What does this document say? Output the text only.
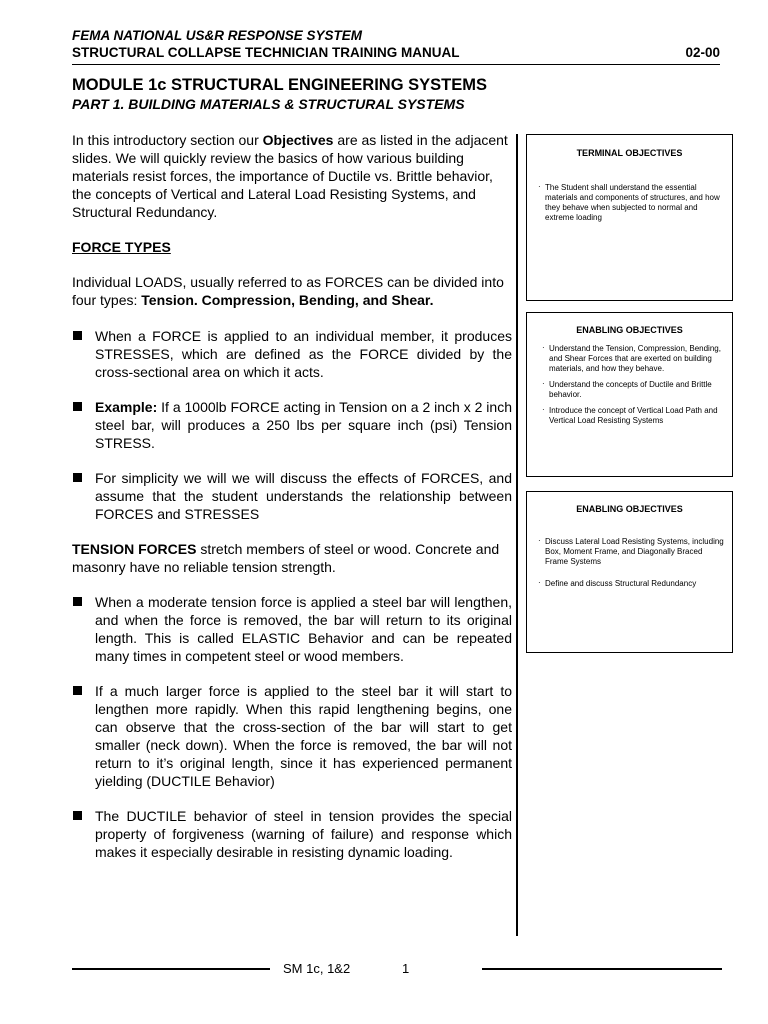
FEMA NATIONAL US&R RESPONSE SYSTEM
STRUCTURAL COLLAPSE TECHNICIAN TRAINING MANUAL	02-00
MODULE 1c STRUCTURAL ENGINEERING SYSTEMS
PART 1. BUILDING MATERIALS & STRUCTURAL SYSTEMS

In this introductory section our Objectives are as listed in the adjacent slides. We will quickly review the basics of how various building materials resist forces, the importance of Ductile vs. Brittle behavior, the concepts of Vertical and Lateral Load Resisting Systems, and Structural Redundancy.

FORCE TYPES

Individual LOADS, usually referred to as FORCES can be divided into four types: Tension. Compression, Bending, and Shear.

When a FORCE is applied to an individual member, it produces STRESSES, which are defined as the FORCE divided by the cross-sectional area on which it acts.
Example: If a 1000lb FORCE acting in Tension on a 2 inch x 2 inch steel bar, will produces a 250 lbs per square inch (psi) Tension STRESS.
For simplicity we will we will discuss the effects of FORCES, and assume that the student understands the relationship between FORCES and STRESSES

TENSION FORCES stretch members of steel or wood. Concrete and masonry have no reliable tension strength.

When a moderate tension force is applied a steel bar will lengthen, and when the force is removed, the bar will return to its original length. This is called ELASTIC Behavior and can be repeated many times in competent steel or wood members.
If a much larger force is applied to the steel bar it will start to lengthen more rapidly. When this rapid lengthening begins, one can observe that the cross-section of the bar will start to get smaller (neck down). When the force is removed, the bar will not return to it’s original length, since it has experienced permanent yielding (DUCTILE Behavior)
The DUCTILE behavior of steel in tension provides the special property of forgiveness (warning of failure) and response which makes it especially desirable in resisting dynamic loading.
TERMINAL OBJECTIVES
· The Student shall understand the essential materials and components of structures, and how they behave when subjected to normal and extreme loading
ENABLING OBJECTIVES
· Understand the Tension, Compression, Bending, and Shear Forces that are exerted on building materials, and how they behave.
· Understand the concepts of Ductile and Brittle behavior.
· Introduce the concept of Vertical Load Path and Vertical Load Resisting Systems
ENABLING OBJECTIVES
· Discuss Lateral Load Resisting Systems, including Box, Moment Frame, and Diagonally Braced Frame Systems
· Define and discuss Structural Redundancy
SM 1c, 1&2	1
